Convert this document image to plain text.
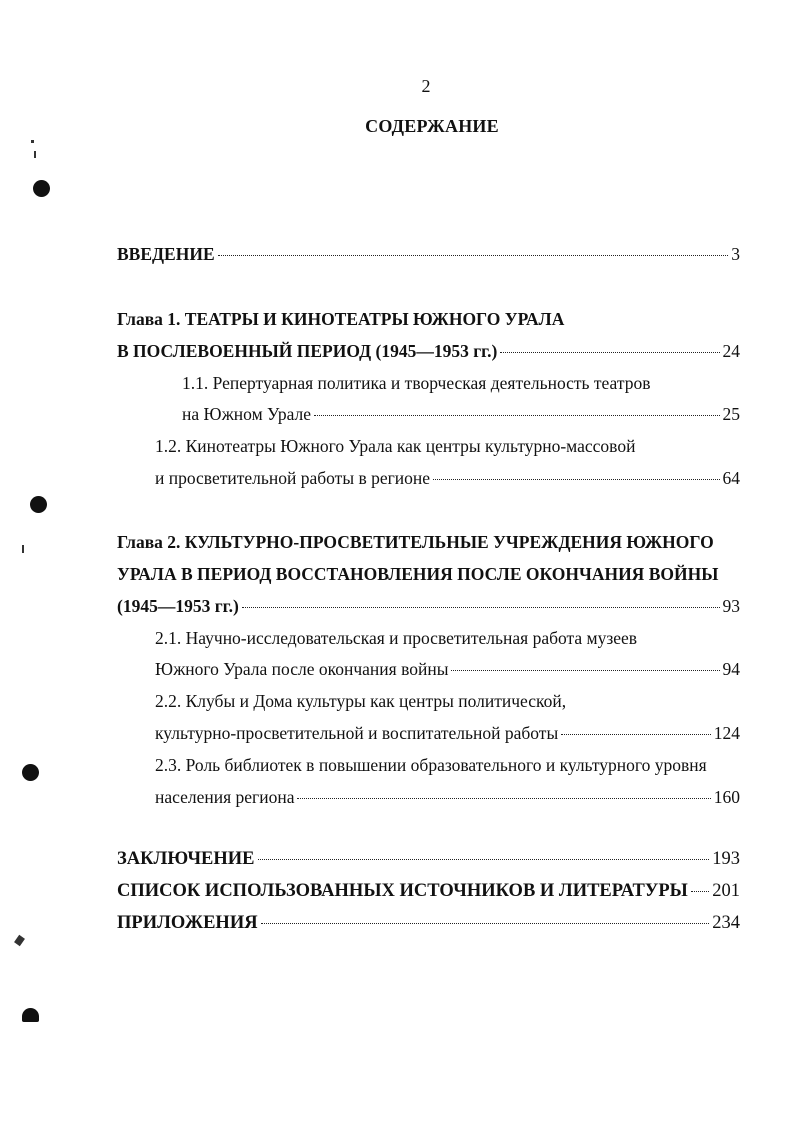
2
СОДЕРЖАНИЕ
ВВЕДЕНИЕ	3
Глава 1. ТЕАТРЫ И КИНОТЕАТРЫ ЮЖНОГО УРАЛА
В ПОСЛЕВОЕННЫЙ ПЕРИОД (1945—1953 гг.)	24
1.1. Репертуарная политика и творческая деятельность театров
на Южном Урале	25
1.2. Кинотеатры Южного Урала как центры культурно-массовой
и просветительной работы в регионе	64
Глава 2. КУЛЬТУРНО-ПРОСВЕТИТЕЛЬНЫЕ УЧРЕЖДЕНИЯ ЮЖНОГО
УРАЛА В ПЕРИОД ВОССТАНОВЛЕНИЯ ПОСЛЕ ОКОНЧАНИЯ ВОЙНЫ
(1945—1953 гг.)	93
2.1. Научно-исследовательская и просветительная работа музеев
Южного Урала после окончания войны	94
2.2. Клубы и Дома культуры как центры политической,
культурно-просветительной и воспитательной работы	124
2.3. Роль библиотек в повышении образовательного и культурного уровня
населения региона	160
ЗАКЛЮЧЕНИЕ	193
СПИСОК ИСПОЛЬЗОВАННЫХ ИСТОЧНИКОВ И ЛИТЕРАТУРЫ 201
ПРИЛОЖЕНИЯ	234
